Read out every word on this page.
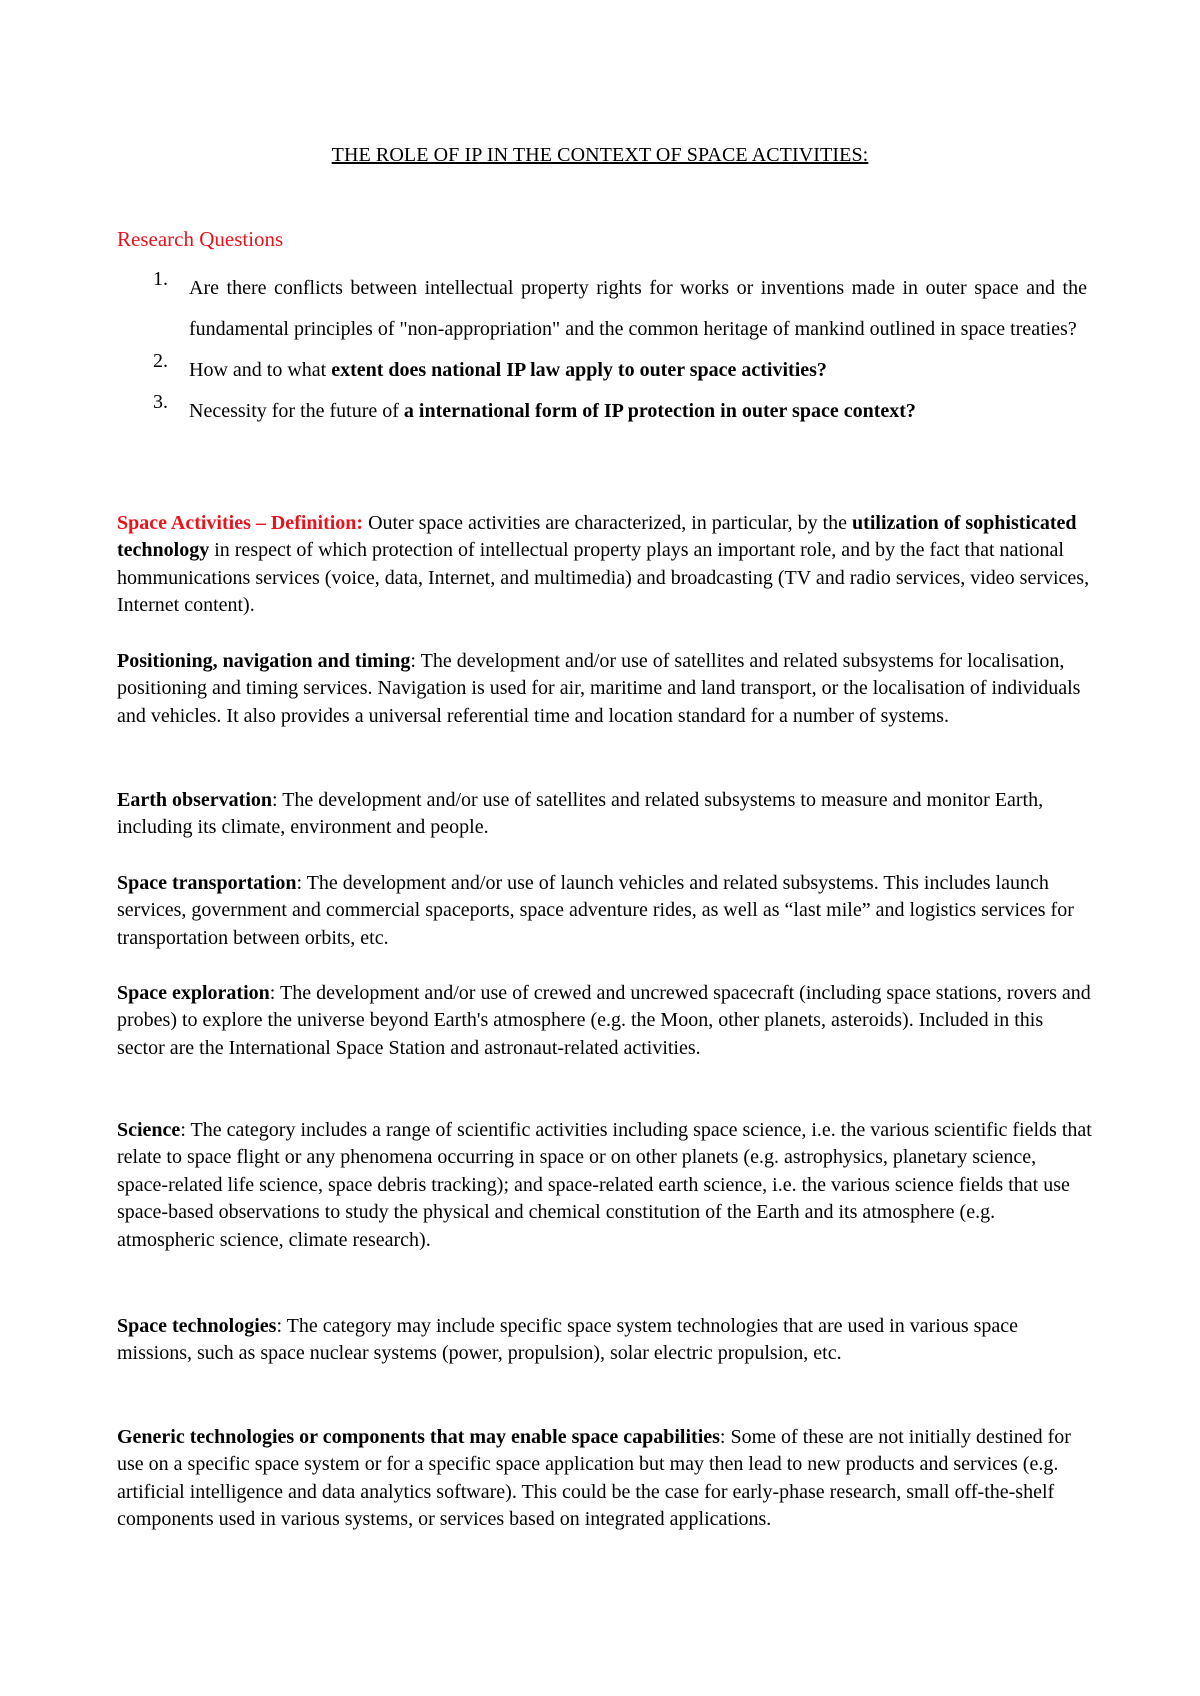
THE ROLE OF IP IN THE CONTEXT OF SPACE ACTIVITIES:
Research Questions
1. Are there conflicts between intellectual property rights for works or inventions made in outer space and the fundamental principles of "non-appropriation" and the common heritage of mankind outlined in space treaties?
2. How and to what extent does national IP law apply to outer space activities?
3. Necessity for the future of a international form of IP protection in outer space context?
Space Activities – Definition: Outer space activities are characterized, in particular, by the utilization of sophisticated technology in respect of which protection of intellectual property plays an important role, and by the fact that national hommunications services (voice, data, Internet, and multimedia) and broadcasting (TV and radio services, video services, Internet content).
Positioning, navigation and timing: The development and/or use of satellites and related subsystems for localisation, positioning and timing services. Navigation is used for air, maritime and land transport, or the localisation of individuals and vehicles. It also provides a universal referential time and location standard for a number of systems.
Earth observation: The development and/or use of satellites and related subsystems to measure and monitor Earth, including its climate, environment and people.
Space transportation: The development and/or use of launch vehicles and related subsystems. This includes launch services, government and commercial spaceports, space adventure rides, as well as “last mile” and logistics services for transportation between orbits, etc.
Space exploration: The development and/or use of crewed and uncrewed spacecraft (including space stations, rovers and probes) to explore the universe beyond Earth's atmosphere (e.g. the Moon, other planets, asteroids). Included in this sector are the International Space Station and astronaut-related activities.
Science: The category includes a range of scientific activities including space science, i.e. the various scientific fields that relate to space flight or any phenomena occurring in space or on other planets (e.g. astrophysics, planetary science, space-related life science, space debris tracking); and space-related earth science, i.e. the various science fields that use space-based observations to study the physical and chemical constitution of the Earth and its atmosphere (e.g. atmospheric science, climate research).
Space technologies: The category may include specific space system technologies that are used in various space missions, such as space nuclear systems (power, propulsion), solar electric propulsion, etc.
Generic technologies or components that may enable space capabilities: Some of these are not initially destined for use on a specific space system or for a specific space application but may then lead to new products and services (e.g. artificial intelligence and data analytics software). This could be the case for early-phase research, small off-the-shelf components used in various systems, or services based on integrated applications.
